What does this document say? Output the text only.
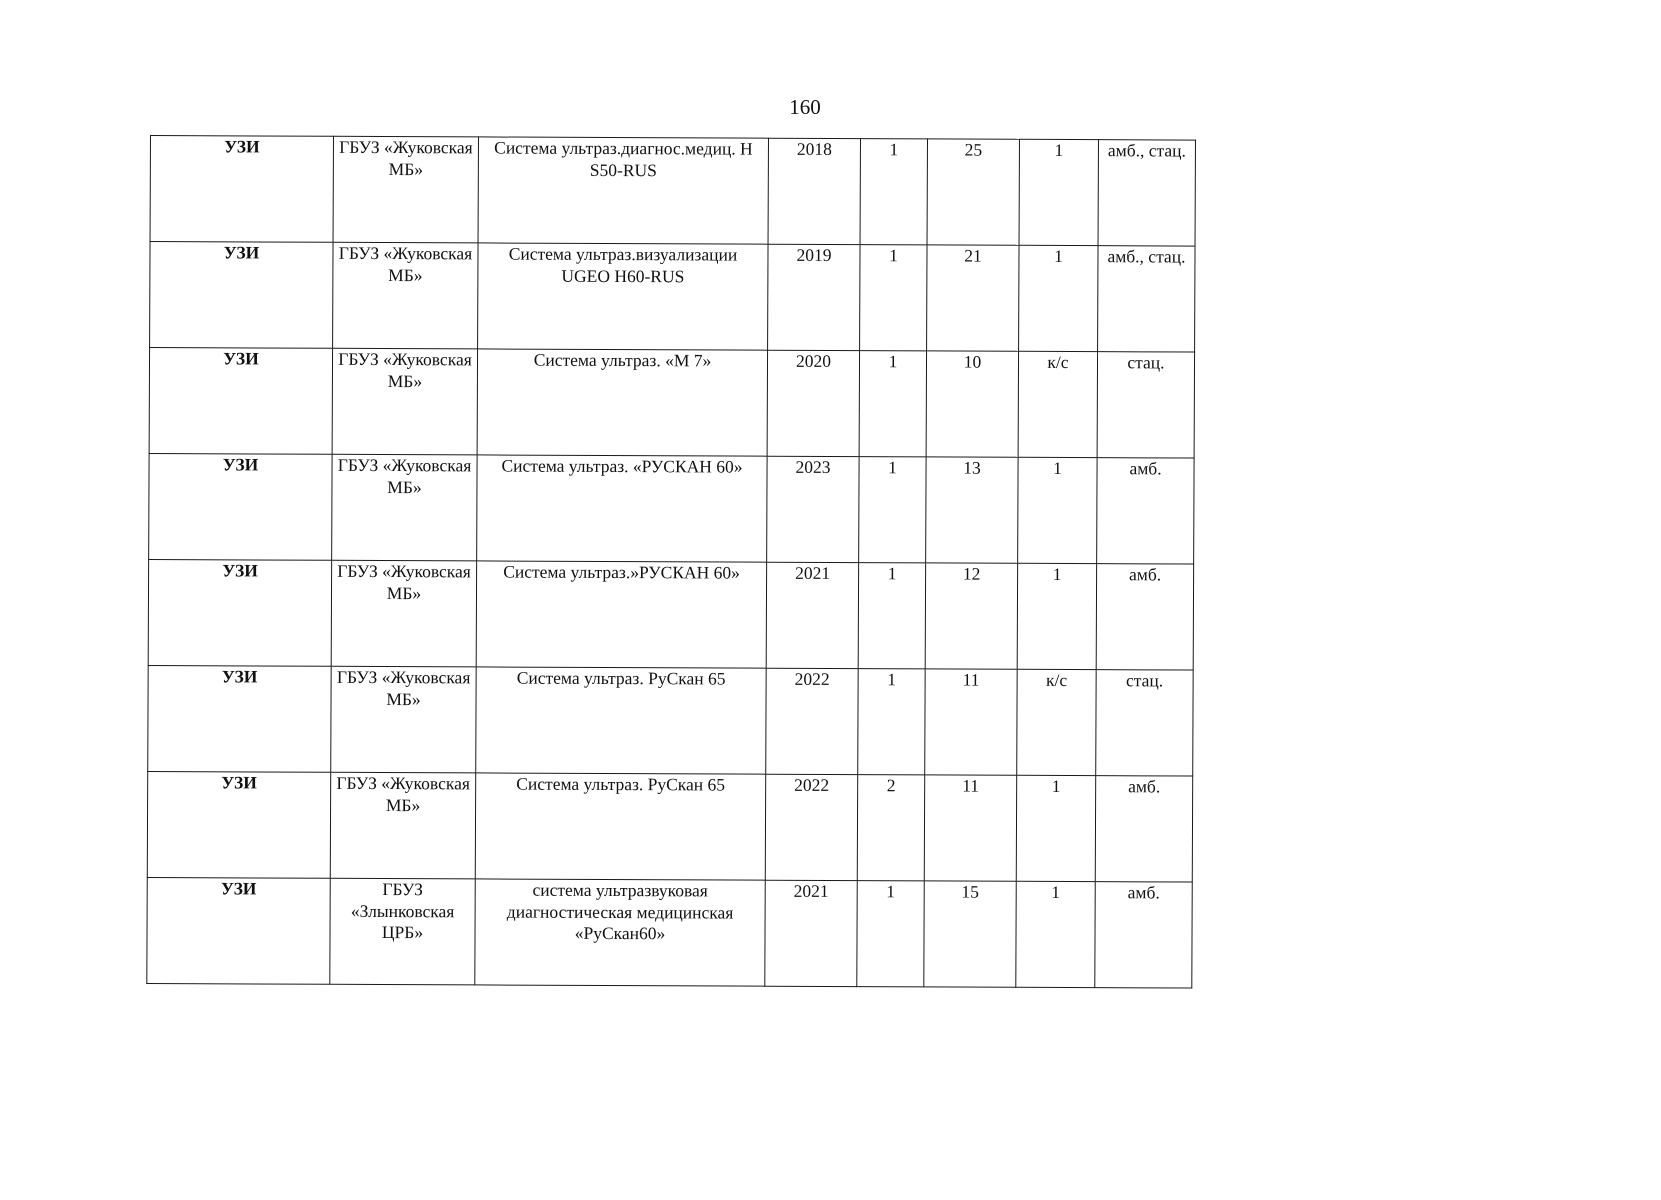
160
УЗИ	ГБУЗ «Жуковская МБ»	Система ультраз.диагнос.медиц. H S50-RUS	2018	1	25	1	амб., стац.
УЗИ	ГБУЗ «Жуковская МБ»	Система ультраз.визуализации UGEO H60-RUS	2019	1	21	1	амб., стац.
УЗИ	ГБУЗ «Жуковская МБ»	Система ультраз. «М 7»	2020	1	10	к/с	стац.
УЗИ	ГБУЗ «Жуковская МБ»	Система ультраз. «РУСКАН 60»	2023	1	13	1	амб.
УЗИ	ГБУЗ «Жуковская МБ»	Система ультраз.»РУСКАН 60»	2021	1	12	1	амб.
УЗИ	ГБУЗ «Жуковская МБ»	Система ультраз. РуСкан 65	2022	1	11	к/с	стац.
УЗИ	ГБУЗ «Жуковская МБ»	Система ультраз. РуСкан 65	2022	2	11	1	амб.
УЗИ	ГБУЗ «Злынковская ЦРБ»	система ультразвуковая диагностическая медицинская «РуСкан60»	2021	1	15	1	амб.
